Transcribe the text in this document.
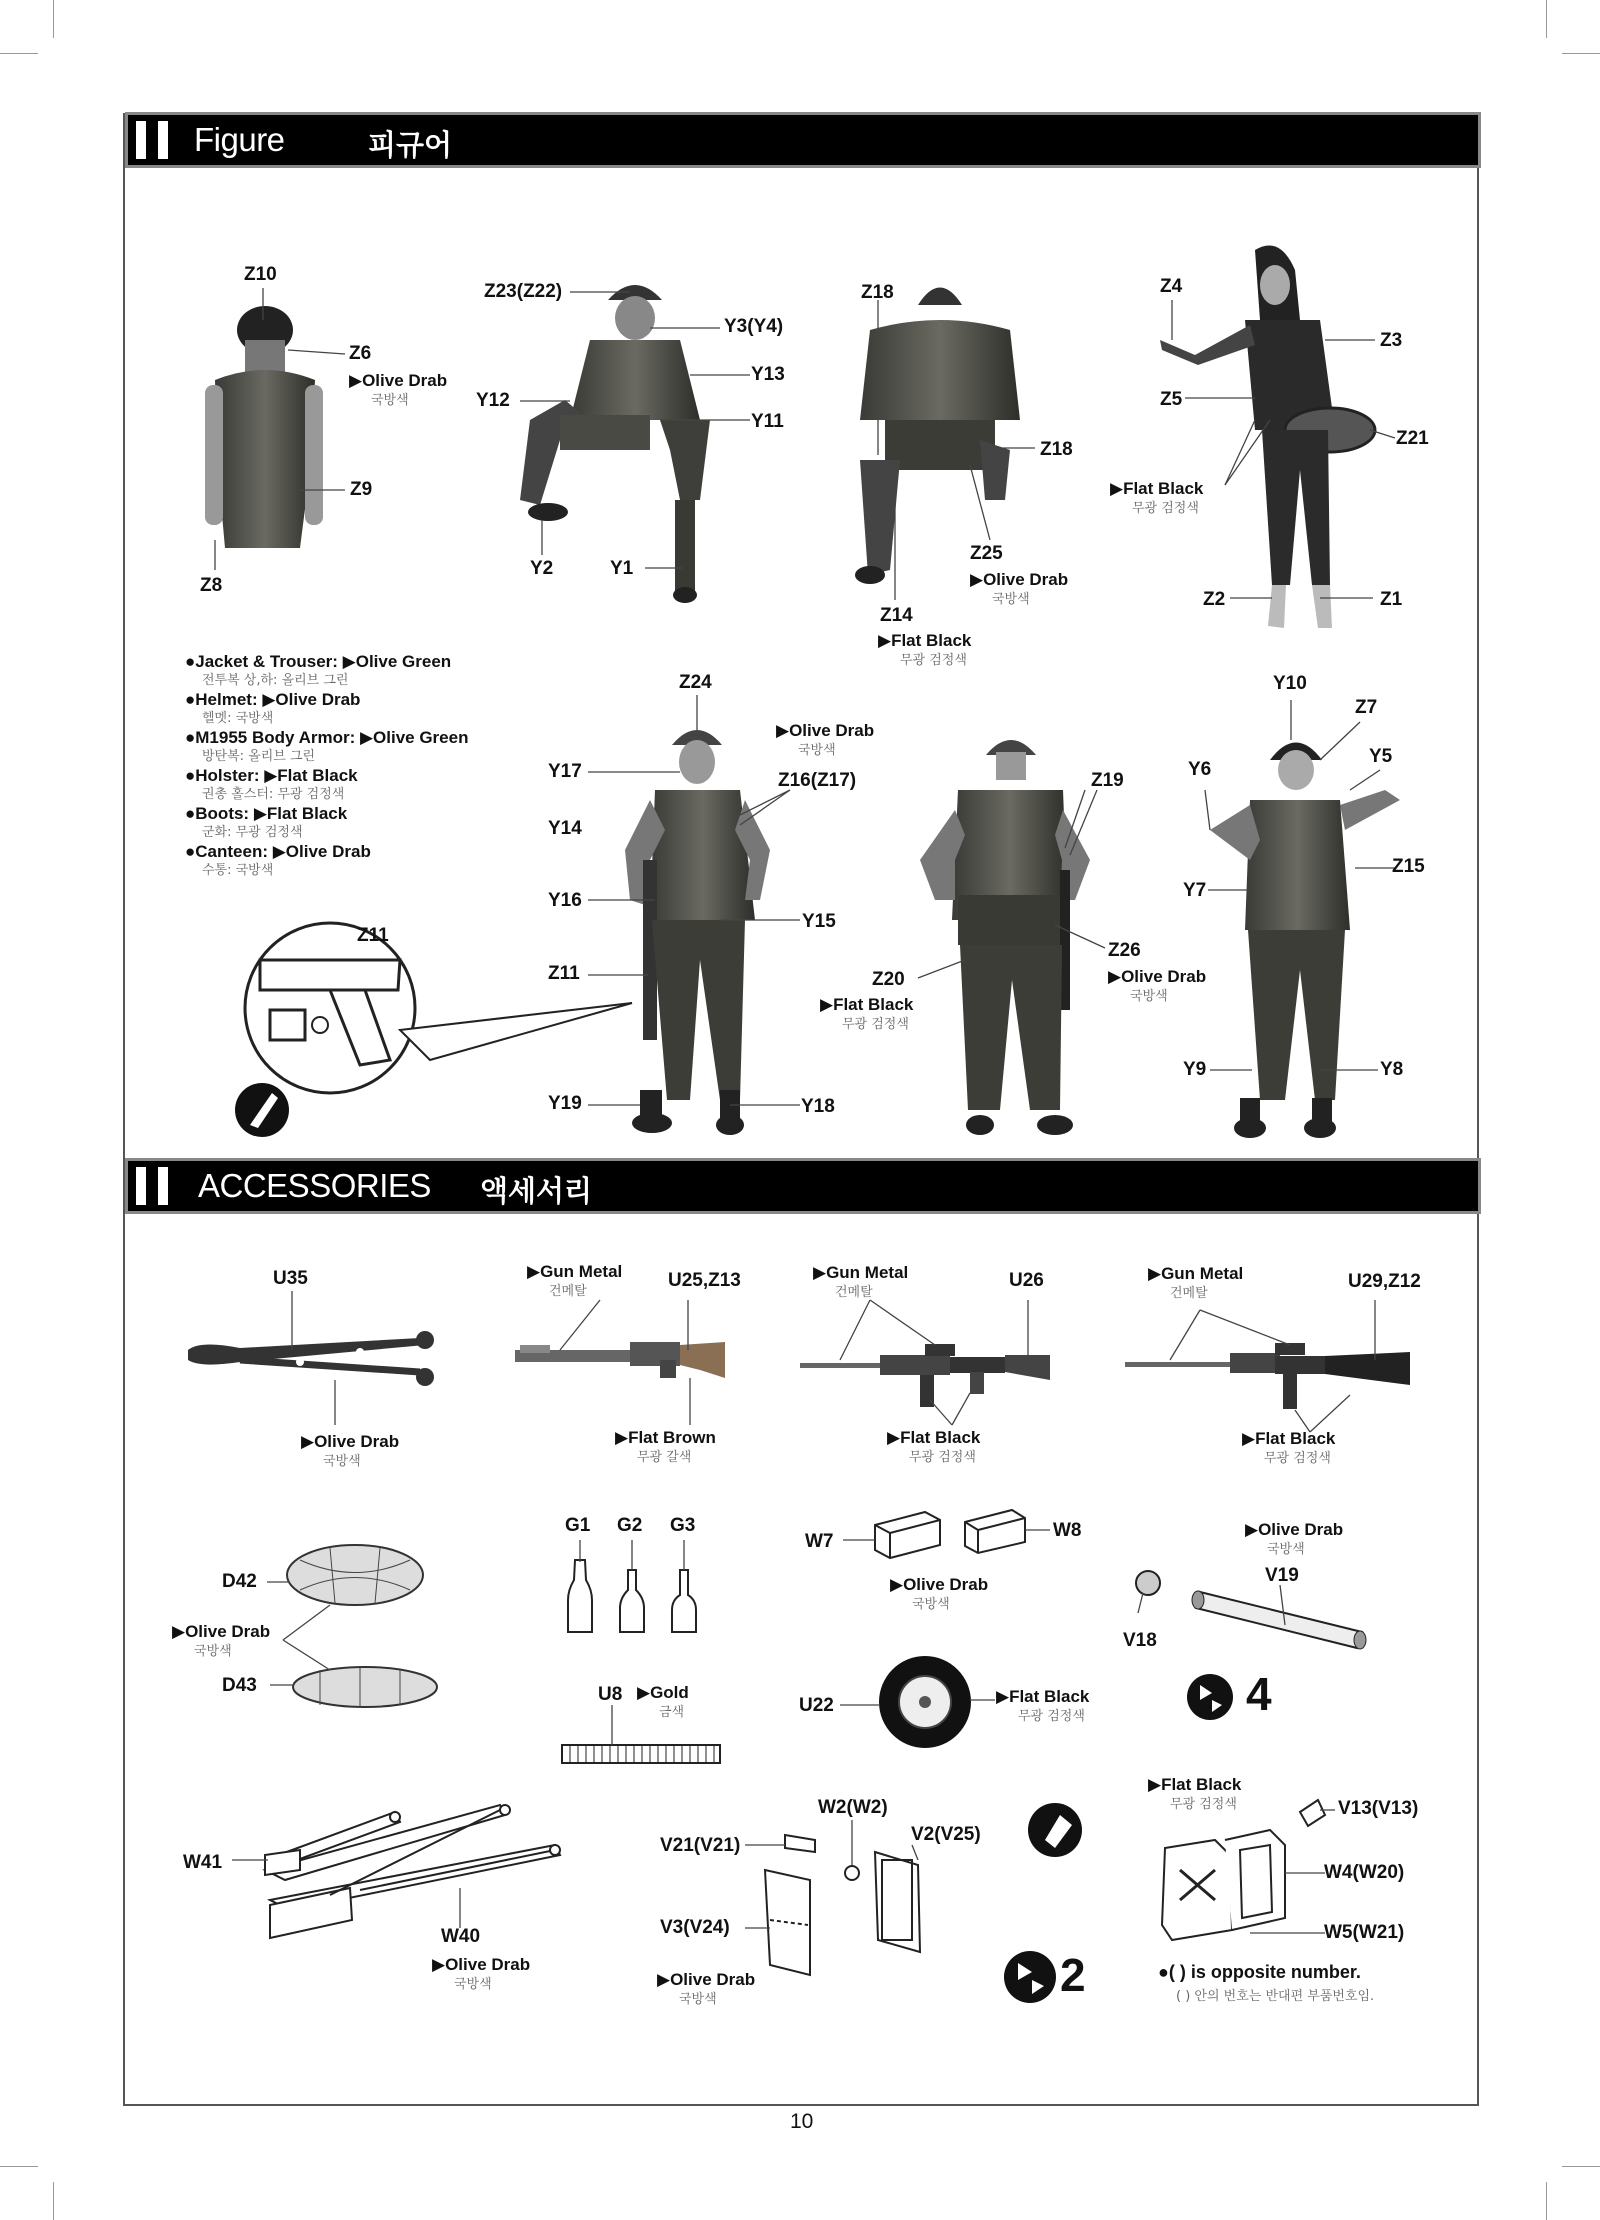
Figure	피규어
ACCESSORIES 액세서리
Z10
Z6
Z9
Z8
Z23(Z22)
Y3(Y4)
Y13
Y12
Y11
Y2	Y1
Z18
Z18
Z25
Z14
Z4
Z3
Z5
Z21
Z2	Z1
Z24
Y17	Z16(Z17)
Y14
Y16
Y15
Z11
Z11
Y19	Y18
Z19
Z26
Z20
Y10
Z7
Y6
Y5
Z15
Y7
Y9	Y8
▶Olive Drab
국방색
▶Olive Drab
국방색
▶Flat Black
무광 검정색
▶Flat Black
무광 검정색
▶Olive Drab
국방색
▶Flat Black
무광 검정색
▶Olive Drab
국방색
●Jacket & Trouser: ▶Olive Green
전투복 상,하: 올리브 그린
●Helmet: ▶Olive Drab
헬멧: 국방색
●M1955 Body Armor: ▶Olive Green
방탄복: 올리브 그린
●Holster: ▶Flat Black
권총 홀스터: 무광 검정색
●Boots: ▶Flat Black
군화: 무광 검정색
●Canteen: ▶Olive Drab
수통: 국방색
U35	U25,Z13	U26	U29,Z12
G1 G2 G3
W7
W8
V19
V18
D42
D43	U8
U22
W2(W2)
V21(V21)
V2(V25)
V3(V24)
W41
W40
V13(V13)
W4(W20)
W5(W21)
▶Olive Drab
국방색
▶Gun Metal
건메탈
▶Gun Metal
건메탈
▶Gun Metal
건메탈
▶Flat Brown
무광 갈색
▶Flat Black
무광 검정색
▶Flat Black
무광 검정색
▶Olive Drab
국방색
▶Olive Drab
국방색
▶Olive Drab
국방색
▶Gold
금색
▶Flat Black
무광 검정색
▶Flat Black
무광 검정색
▶Olive Drab
국방색	▶Olive Drab
국방색
4
2	●( ) is opposite number.
( ) 안의 번호는 반대편 부품번호임.
10
